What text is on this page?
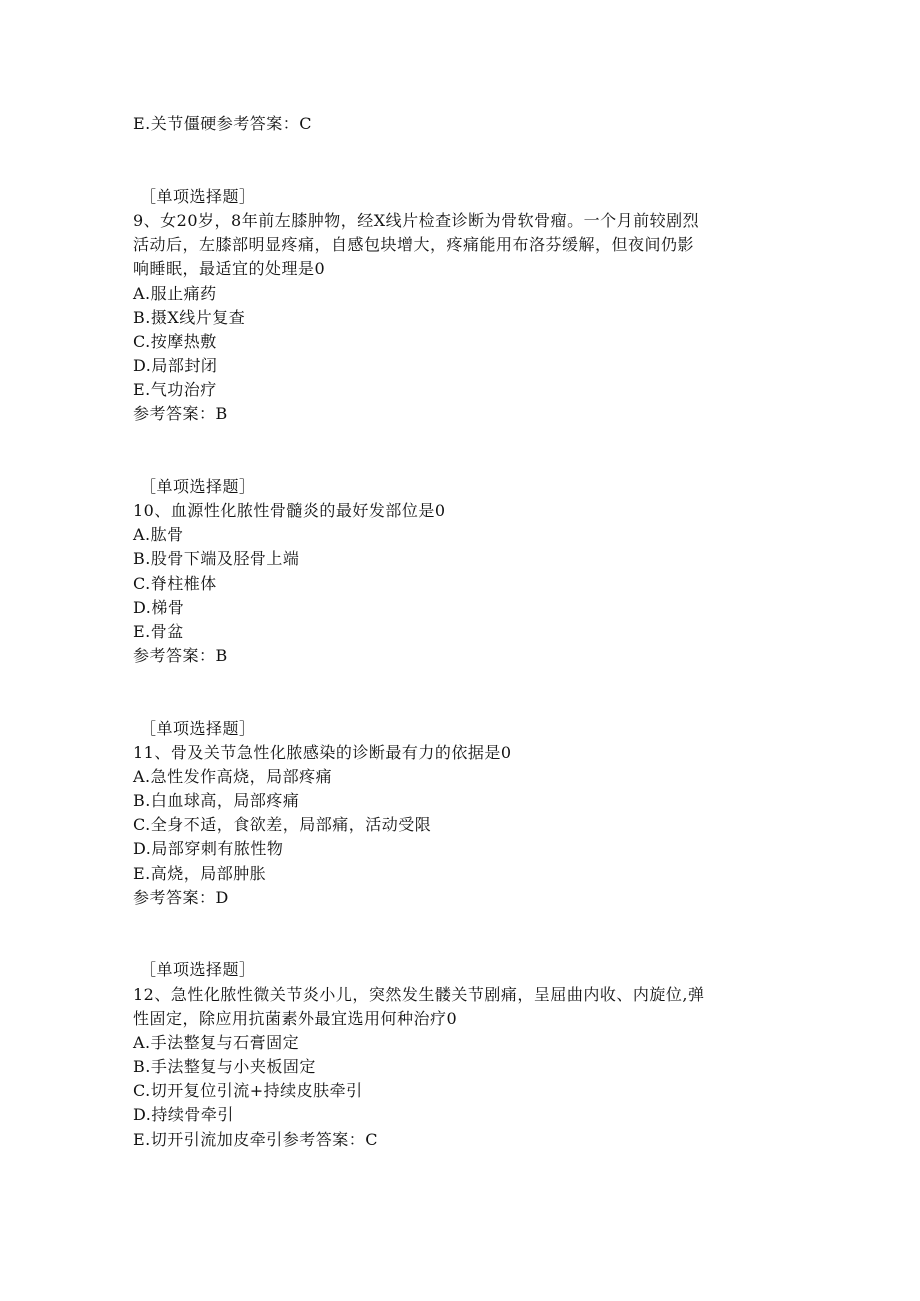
E.关节僵硬参考答案：C
［单项选择题］
9、女20岁，8年前左膝肿物，经X线片检查诊断为骨软骨瘤。一个月前较剧烈
活动后，左膝部明显疼痛，自感包块增大，疼痛能用布洛芬缓解，但夜间仍影
响睡眠，最适宜的处理是0
A.服止痛药
B.摄X线片复查
C.按摩热敷
D.局部封闭
E.气功治疗
参考答案：B
［单项选择题］
10、血源性化脓性骨髓炎的最好发部位是0
A.肱骨
B.股骨下端及胫骨上端
C.脊柱椎体
D.梯骨
E.骨盆
参考答案：B
［单项选择题］
11、骨及关节急性化脓感染的诊断最有力的依据是0
A.急性发作高烧，局部疼痛
B.白血球高，局部疼痛
C.全身不适，食欲差，局部痛，活动受限
D.局部穿刺有脓性物
E.高烧，局部肿胀
参考答案：D
［单项选择题］
12、急性化脓性微关节炎小儿，突然发生髅关节剧痛，呈屈曲内收、内旋位,弹
性固定，除应用抗菌素外最宜选用何种治疗0
A.手法整复与石膏固定
B.手法整复与小夹板固定
C.切开复位引流+持续皮肤牵引
D.持续骨牵引
E.切开引流加皮牵引参考答案：C
